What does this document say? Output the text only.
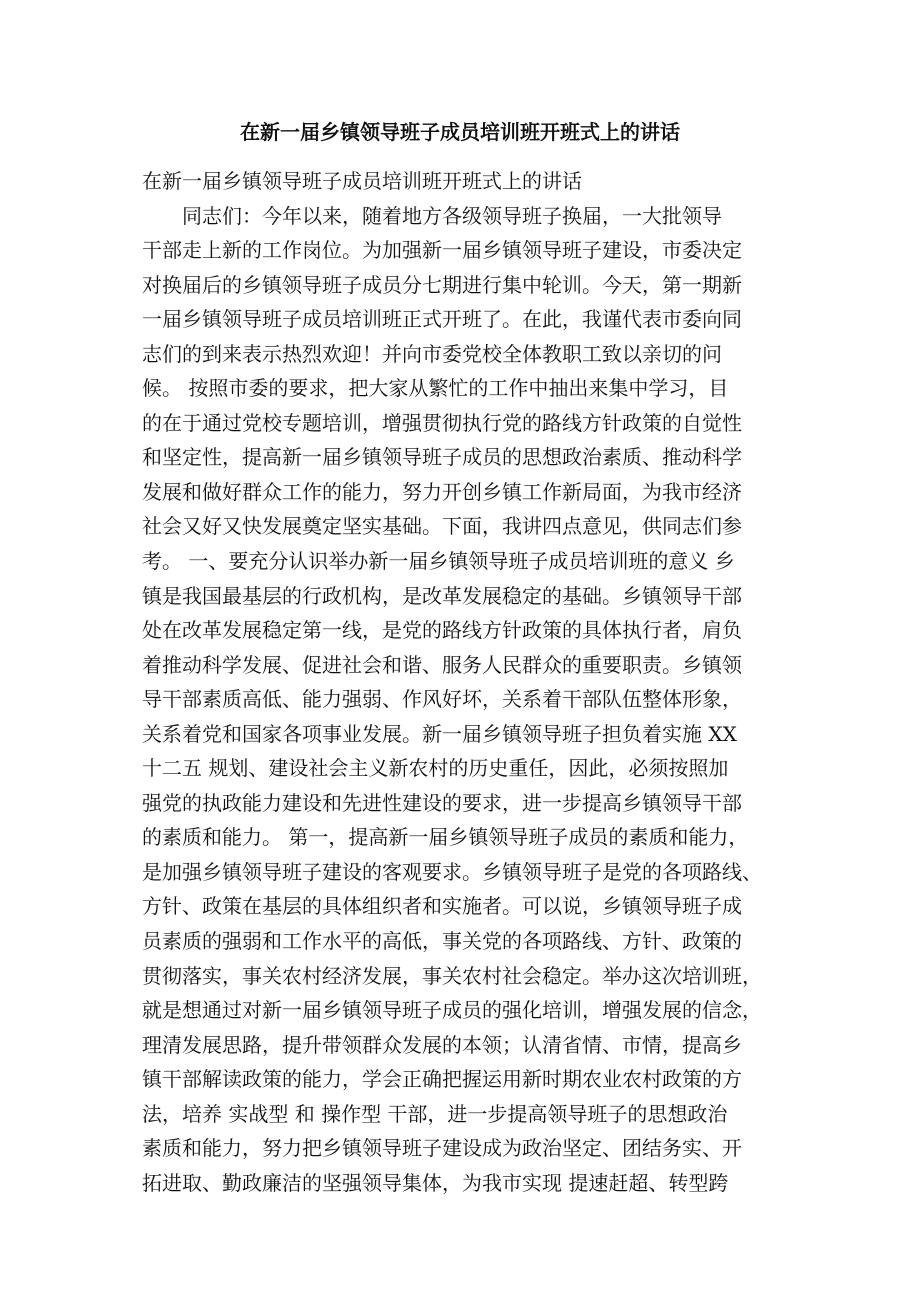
在新一届乡镇领导班子成员培训班开班式上的讲话
在新一届乡镇领导班子成员培训班开班式上的讲话
　　同志们：今年以来，随着地方各级领导班子换届，一大批领导
干部走上新的工作岗位。为加强新一届乡镇领导班子建设，市委决定
对换届后的乡镇领导班子成员分七期进行集中轮训。今天，第一期新
一届乡镇领导班子成员培训班正式开班了。在此，我谨代表市委向同
志们的到来表示热烈欢迎！并向市委党校全体教职工致以亲切的问
候。 按照市委的要求，把大家从繁忙的工作中抽出来集中学习，目
的在于通过党校专题培训，增强贯彻执行党的路线方针政策的自觉性
和坚定性，提高新一届乡镇领导班子成员的思想政治素质、推动科学
发展和做好群众工作的能力，努力开创乡镇工作新局面，为我市经济
社会又好又快发展奠定坚实基础。下面，我讲四点意见，供同志们参
考。 一、要充分认识举办新一届乡镇领导班子成员培训班的意义 乡
镇是我国最基层的行政机构，是改革发展稳定的基础。乡镇领导干部
处在改革发展稳定第一线，是党的路线方针政策的具体执行者，肩负
着推动科学发展、促进社会和谐、服务人民群众的重要职责。乡镇领
导干部素质高低、能力强弱、作风好坏，关系着干部队伍整体形象，
关系着党和国家各项事业发展。新一届乡镇领导班子担负着实施 XX
十二五 规划、建设社会主义新农村的历史重任，因此，必须按照加
强党的执政能力建设和先进性建设的要求，进一步提高乡镇领导干部
的素质和能力。 第一，提高新一届乡镇领导班子成员的素质和能力，
是加强乡镇领导班子建设的客观要求。乡镇领导班子是党的各项路线、
方针、政策在基层的具体组织者和实施者。可以说，乡镇领导班子成
员素质的强弱和工作水平的高低，事关党的各项路线、方针、政策的
贯彻落实，事关农村经济发展，事关农村社会稳定。举办这次培训班，
就是想通过对新一届乡镇领导班子成员的强化培训，增强发展的信念，
理清发展思路，提升带领群众发展的本领；认清省情、市情，提高乡
镇干部解读政策的能力，学会正确把握运用新时期农业农村政策的方
法，培养 实战型 和 操作型 干部，进一步提高领导班子的思想政治
素质和能力，努力把乡镇领导班子建设成为政治坚定、团结务实、开
拓进取、勤政廉洁的坚强领导集体，为我市实现 提速赶超、转型跨
